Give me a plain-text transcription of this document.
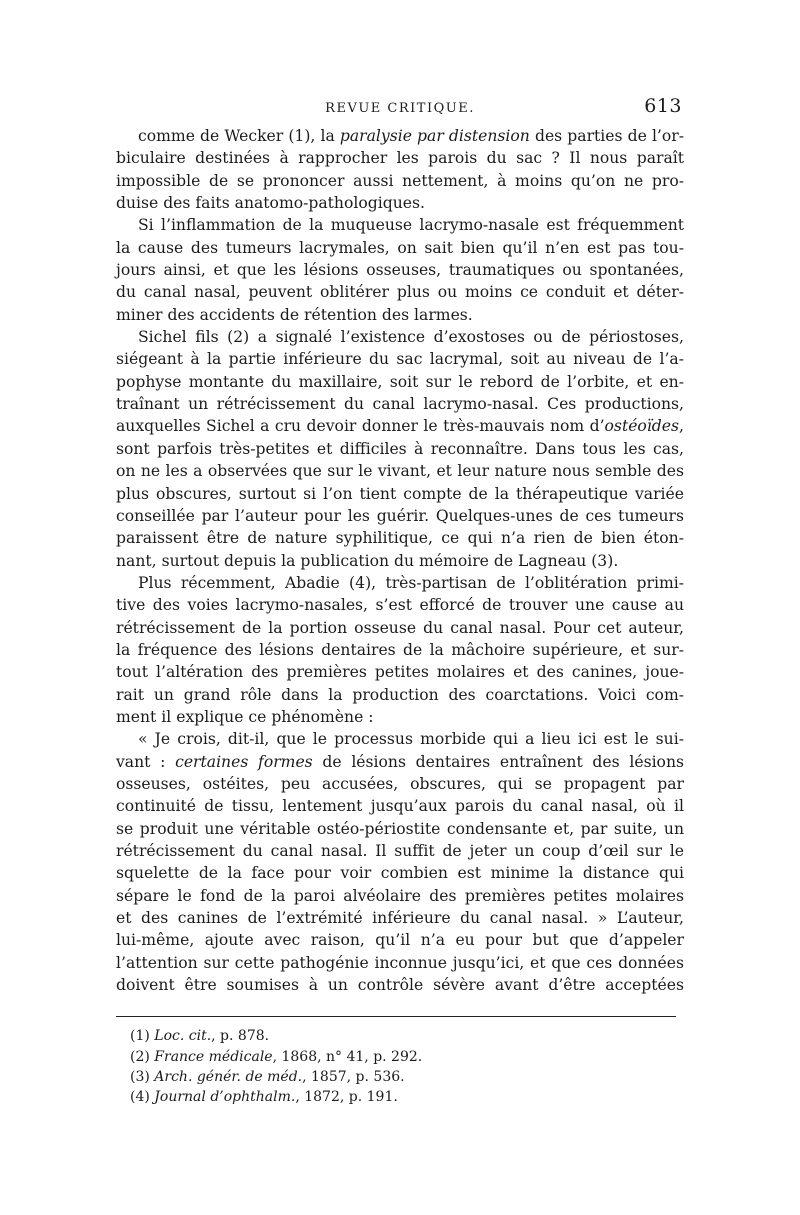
REVUE CRITIQUE.	613

comme de Wecker (1), la paralysie par distension des parties de l’or-
biculaire destinées à rapprocher les parois du sac ? Il nous paraît
impossible de se prononcer aussi nettement, à moins qu’on ne pro-
duise des faits anatomo-pathologiques.

Si l’inflammation de la muqueuse lacrymo-nasale est fréquemment
la cause des tumeurs lacrymales, on sait bien qu’il n’en est pas tou-
jours ainsi, et que les lésions osseuses, traumatiques ou spontanées,
du canal nasal, peuvent oblitérer plus ou moins ce conduit et déter-
miner des accidents de rétention des larmes.

Sichel fils (2) a signalé l’existence d’exostoses ou de périostoses,
siégeant à la partie inférieure du sac lacrymal, soit au niveau de l’a-
pophyse montante du maxillaire, soit sur le rebord de l’orbite, et en-
traînant un rétrécissement du canal lacrymo-nasal. Ces productions,
auxquelles Sichel a cru devoir donner le très-mauvais nom d’ostéoïdes,
sont parfois très-petites et difficiles à reconnaître. Dans tous les cas,
on ne les a observées que sur le vivant, et leur nature nous semble des
plus obscures, surtout si l’on tient compte de la thérapeutique variée
conseillée par l’auteur pour les guérir. Quelques-unes de ces tumeurs
paraissent être de nature syphilitique, ce qui n’a rien de bien éton-
nant, surtout depuis la publication du mémoire de Lagneau (3).

Plus récemment, Abadie (4), très-partisan de l’oblitération primi-
tive des voies lacrymo-nasales, s’est efforcé de trouver une cause au
rétrécissement de la portion osseuse du canal nasal. Pour cet auteur,
la fréquence des lésions dentaires de la mâchoire supérieure, et sur-
tout l’altération des premières petites molaires et des canines, joue-
rait un grand rôle dans la production des coarctations. Voici com-
ment il explique ce phénomène :

« Je crois, dit-il, que le processus morbide qui a lieu ici est le sui-
vant : certaines formes de lésions dentaires entraînent des lésions
osseuses, ostéites, peu accusées, obscures, qui se propagent par
continuité de tissu, lentement jusqu’aux parois du canal nasal, où il
se produit une véritable ostéo-périostite condensante et, par suite, un
rétrécissement du canal nasal. Il suffit de jeter un coup d’œil sur le
squelette de la face pour voir combien est minime la distance qui
sépare le fond de la paroi alvéolaire des premières petites molaires
et des canines de l’extrémité inférieure du canal nasal. » L’auteur,
lui-même, ajoute avec raison, qu’il n’a eu pour but que d’appeler
l’attention sur cette pathogénie inconnue jusqu’ici, et que ces données
doivent être soumises à un contrôle sévère avant d’être acceptées

(1) Loc. cit., p. 878.
(2) France médicale, 1868, n° 41, p. 292.
(3) Arch. génér. de méd., 1857, p. 536.
(4) Journal d’ophthalm., 1872, p. 191.
